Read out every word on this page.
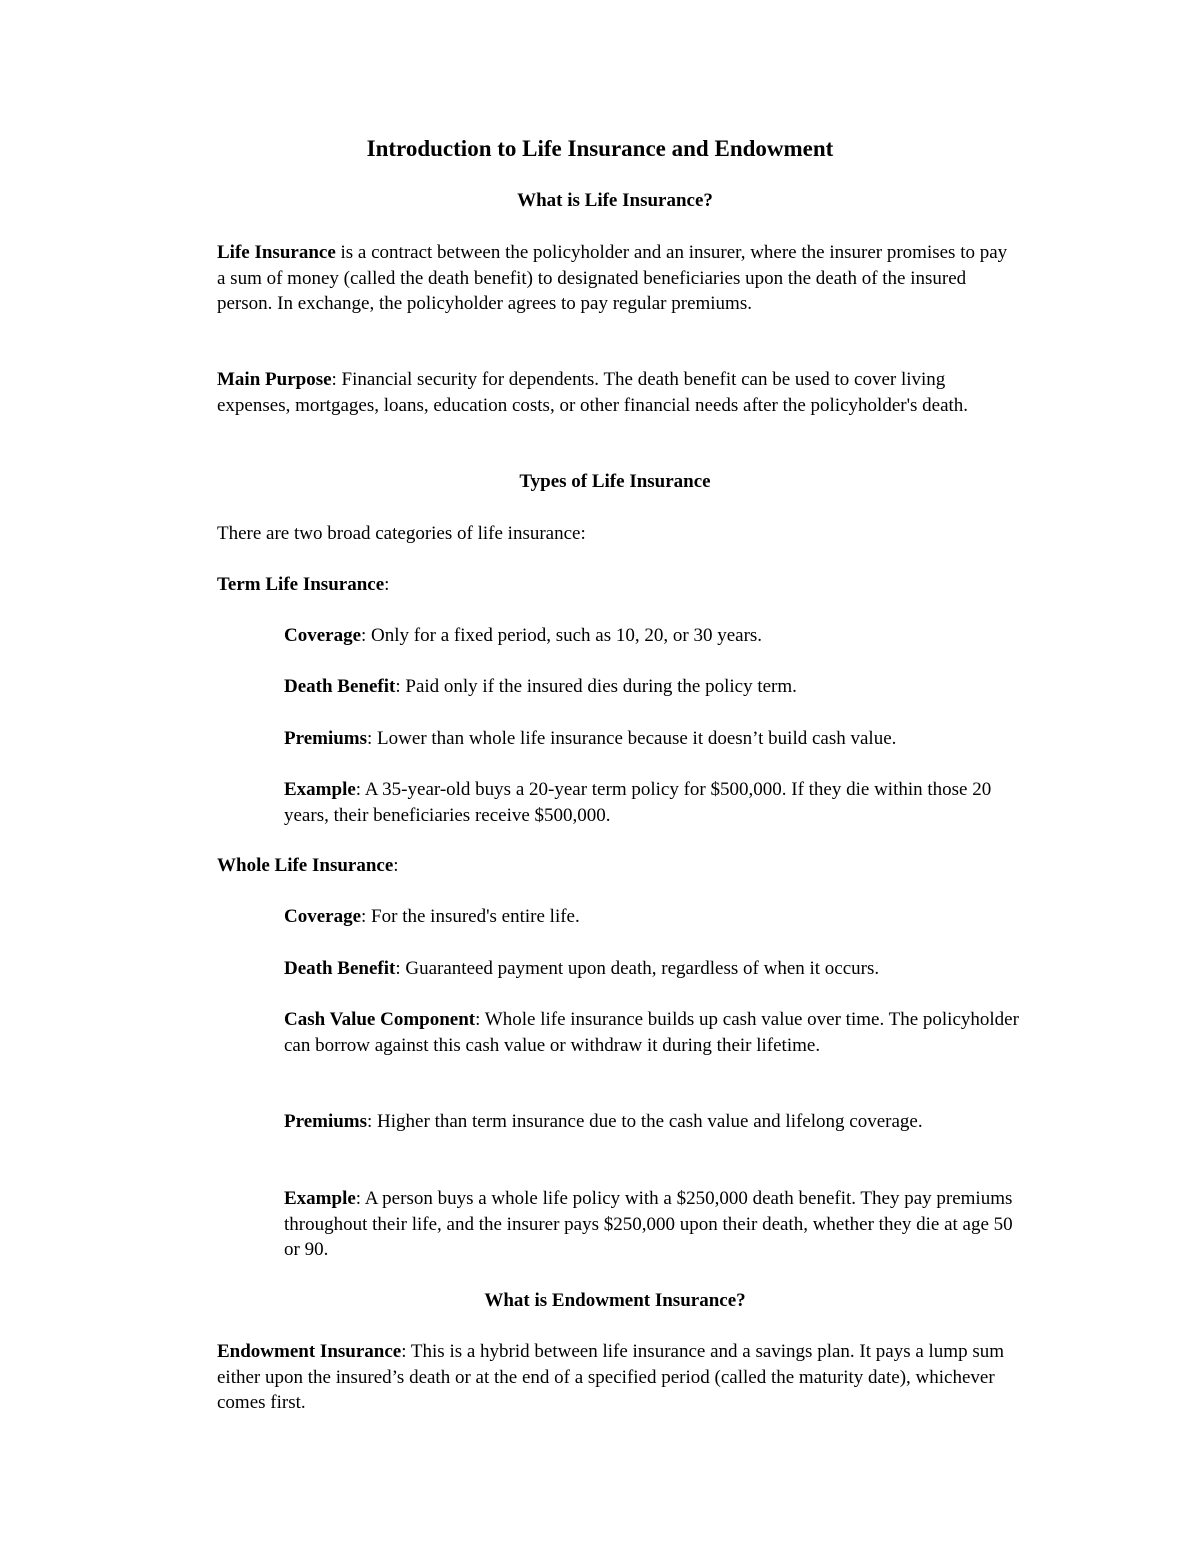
Introduction to Life Insurance and Endowment
What is Life Insurance?

Life Insurance is a contract between the policyholder and an insurer, where the insurer promises to pay a sum of money (called the death benefit) to designated beneficiaries upon the death of the insured person. In exchange, the policyholder agrees to pay regular premiums.

Main Purpose: Financial security for dependents. The death benefit can be used to cover living expenses, mortgages, loans, education costs, or other financial needs after the policyholder's death.

Types of Life Insurance

There are two broad categories of life insurance:

Term Life Insurance:

Coverage: Only for a fixed period, such as 10, 20, or 30 years.

Death Benefit: Paid only if the insured dies during the policy term.

Premiums: Lower than whole life insurance because it doesn’t build cash value.

Example: A 35-year-old buys a 20-year term policy for $500,000. If they die within those 20 years, their beneficiaries receive $500,000.

Whole Life Insurance:

Coverage: For the insured's entire life.

Death Benefit: Guaranteed payment upon death, regardless of when it occurs.

Cash Value Component: Whole life insurance builds up cash value over time. The policyholder can borrow against this cash value or withdraw it during their lifetime.

Premiums: Higher than term insurance due to the cash value and lifelong coverage.

Example: A person buys a whole life policy with a $250,000 death benefit. They pay premiums throughout their life, and the insurer pays $250,000 upon their death, whether they die at age 50 or 90.

What is Endowment Insurance?

Endowment Insurance: This is a hybrid between life insurance and a savings plan. It pays a lump sum either upon the insured’s death or at the end of a specified period (called the maturity date), whichever comes first.
